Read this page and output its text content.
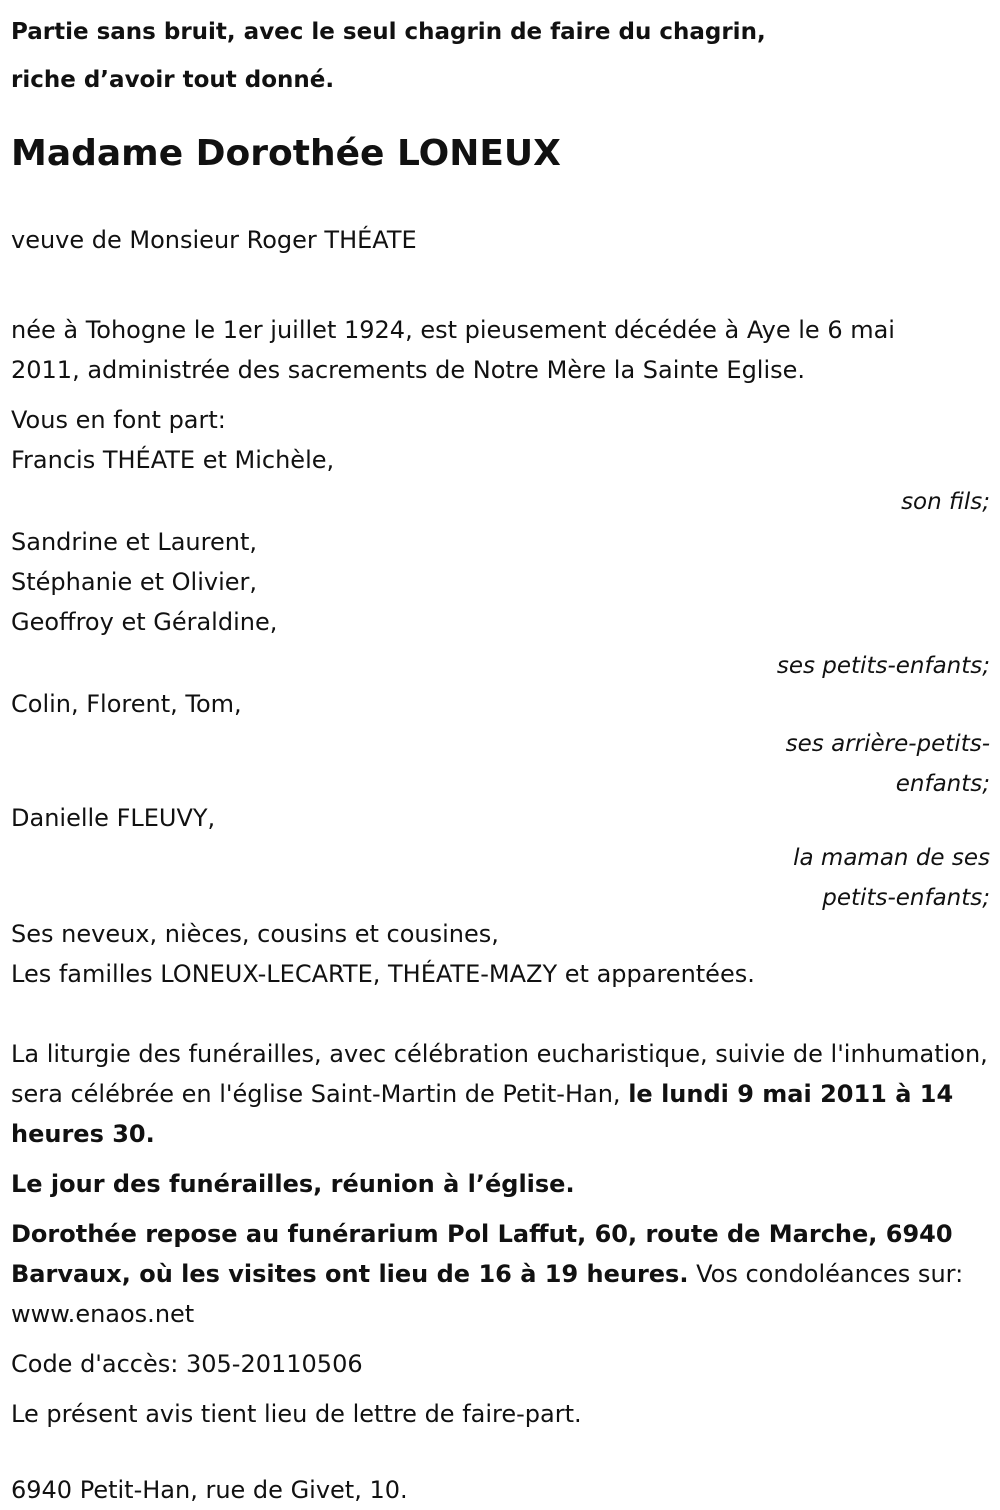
Partie sans bruit, avec le seul chagrin de faire du chagrin,
riche d’avoir tout donné.
Madame Dorothée LONEUX

veuve de Monsieur Roger THÉATE

née à Tohogne le 1er juillet 1924, est pieusement décédée à Aye le 6 mai
2011, administrée des sacrements de Notre Mère la Sainte Eglise.

Vous en font part:

Francis THÉATE et Michèle,
son fils;
Sandrine et Laurent,
Stéphanie et Olivier,
Geoffroy et Géraldine,
ses petits-enfants;
Colin, Florent, Tom,
ses arrière-petits-enfants;
Danielle FLEUVY,
la maman de ses petits-enfants;
Ses neveux, nièces, cousins et cousines,
Les familles LONEUX-LECARTE, THÉATE-MAZY et apparentées.

La liturgie des funérailles, avec célébration eucharistique, suivie de l'inhumation, sera célébrée en l'église Saint-Martin de Petit-Han, le lundi 9 mai 2011 à 14 heures 30.

Le jour des funérailles, réunion à l’église.

Dorothée repose au funérarium Pol Laffut, 60, route de Marche, 6940 Barvaux, où les visites ont lieu de 16 à 19 heures. Vos condoléances sur: www.enaos.net

Code d'accès: 305-20110506

Le présent avis tient lieu de lettre de faire-part.

6940 Petit-Han, rue de Givet, 10.
